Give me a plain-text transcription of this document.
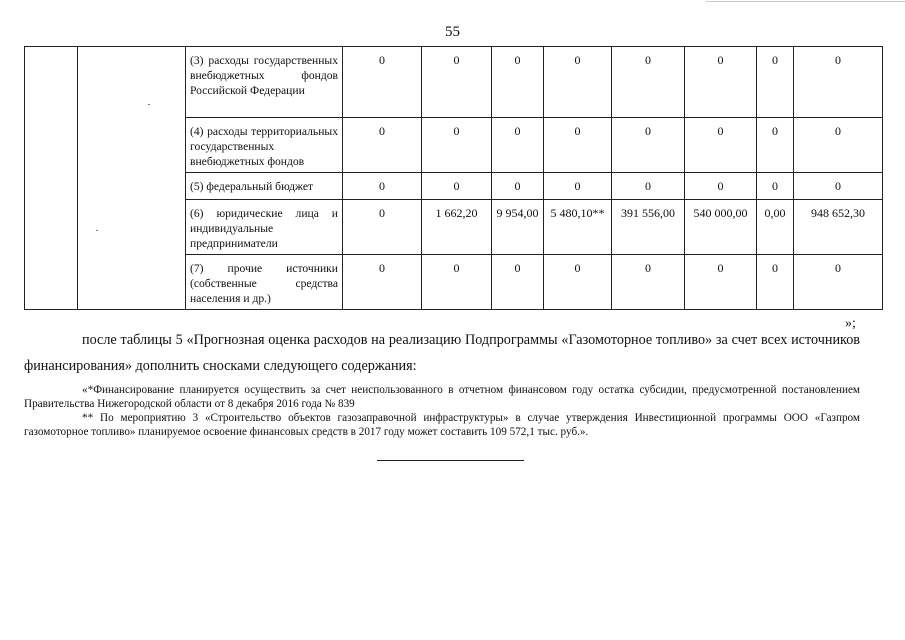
55
		(3) расходы государственных внебюджетных фондов Российской Федерации	0	0	0	0	0	0	0	0
		(4) расходы территориальных государственных внебюджетных фондов	0	0	0	0	0	0	0	0
		(5) федеральный бюджет	0	0	0	0	0	0	0	0
		(6) юридические лица и индивидуальные предприниматели	0	1 662,20	9 954,00	5 480,10**	391 556,00	540 000,00	0,00	948 652,30
		(7) прочие источники (собственные средства населения и др.)	0	0	0	0	0	0	0	0
»;
после таблицы 5 «Прогнозная оценка расходов на реализацию Подпрограммы «Газомоторное топливо» за счет всех источников финансирования» дополнить сносками следующего содержания:

«*Финансирование планируется осуществить за счет неиспользованного в отчетном финансовом году остатка субсидии, предусмотренной постановлением Правительства Нижегородской области от 8 декабря 2016 года № 839

** По мероприятию 3 «Строительство объектов газозаправочной инфраструктуры» в случае утверждения Инвестиционной программы ООО «Газпром газомоторное топливо» планируемое освоение финансовых средств в 2017 году может составить 109 572,1 тыс. руб.».
